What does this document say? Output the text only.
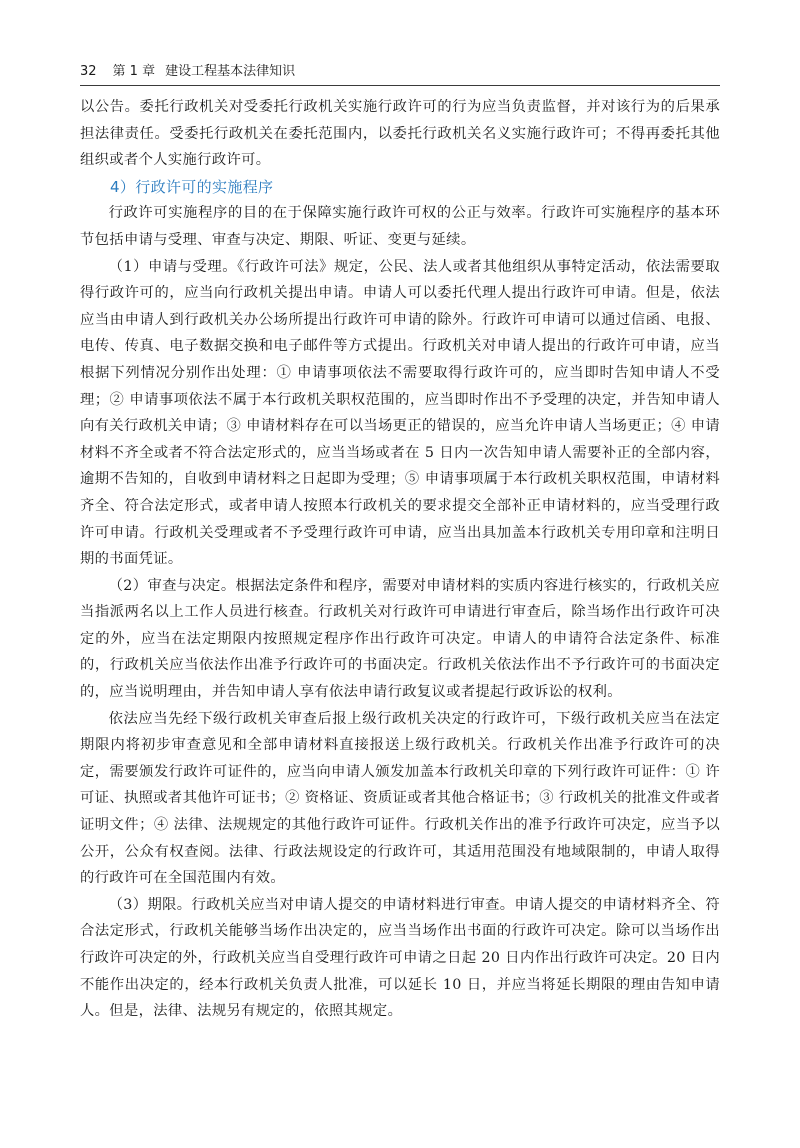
32 第 1 章 建设工程基本法律知识

以公告。委托行政机关对受委托行政机关实施行政许可的行为应当负责监督，并对该行为的后果承担法律责任。受委托行政机关在委托范围内，以委托行政机关名义实施行政许可；不得再委托其他组织或者个人实施行政许可。

4）行政许可的实施程序

行政许可实施程序的目的在于保障实施行政许可权的公正与效率。行政许可实施程序的基本环节包括申请与受理、审查与决定、期限、听证、变更与延续。

（1）申请与受理。《行政许可法》规定，公民、法人或者其他组织从事特定活动，依法需要取得行政许可的，应当向行政机关提出申请。申请人可以委托代理人提出行政许可申请。但是，依法应当由申请人到行政机关办公场所提出行政许可申请的除外。行政许可申请可以通过信函、电报、电传、传真、电子数据交换和电子邮件等方式提出。行政机关对申请人提出的行政许可申请，应当根据下列情况分别作出处理：① 申请事项依法不需要取得行政许可的，应当即时告知申请人不受理；② 申请事项依法不属于本行政机关职权范围的，应当即时作出不予受理的决定，并告知申请人向有关行政机关申请；③ 申请材料存在可以当场更正的错误的，应当允许申请人当场更正；④ 申请材料不齐全或者不符合法定形式的，应当当场或者在 5 日内一次告知申请人需要补正的全部内容，逾期不告知的，自收到申请材料之日起即为受理；⑤ 申请事项属于本行政机关职权范围，申请材料齐全、符合法定形式，或者申请人按照本行政机关的要求提交全部补正申请材料的，应当受理行政许可申请。行政机关受理或者不予受理行政许可申请，应当出具加盖本行政机关专用印章和注明日期的书面凭证。

（2）审查与决定。根据法定条件和程序，需要对申请材料的实质内容进行核实的，行政机关应当指派两名以上工作人员进行核查。行政机关对行政许可申请进行审查后，除当场作出行政许可决定的外，应当在法定期限内按照规定程序作出行政许可决定。申请人的申请符合法定条件、标准的，行政机关应当依法作出准予行政许可的书面决定。行政机关依法作出不予行政许可的书面决定的，应当说明理由，并告知申请人享有依法申请行政复议或者提起行政诉讼的权利。

依法应当先经下级行政机关审查后报上级行政机关决定的行政许可，下级行政机关应当在法定期限内将初步审查意见和全部申请材料直接报送上级行政机关。行政机关作出准予行政许可的决定，需要颁发行政许可证件的，应当向申请人颁发加盖本行政机关印章的下列行政许可证件：① 许可证、执照或者其他许可证书；② 资格证、资质证或者其他合格证书；③ 行政机关的批准文件或者证明文件；④ 法律、法规规定的其他行政许可证件。行政机关作出的准予行政许可决定，应当予以公开，公众有权查阅。法律、行政法规设定的行政许可，其适用范围没有地域限制的，申请人取得的行政许可在全国范围内有效。

（3）期限。行政机关应当对申请人提交的申请材料进行审查。申请人提交的申请材料齐全、符合法定形式，行政机关能够当场作出决定的，应当当场作出书面的行政许可决定。除可以当场作出行政许可决定的外，行政机关应当自受理行政许可申请之日起 20 日内作出行政许可决定。20 日内不能作出决定的，经本行政机关负责人批准，可以延长 10 日，并应当将延长期限的理由告知申请人。但是，法律、法规另有规定的，依照其规定。
